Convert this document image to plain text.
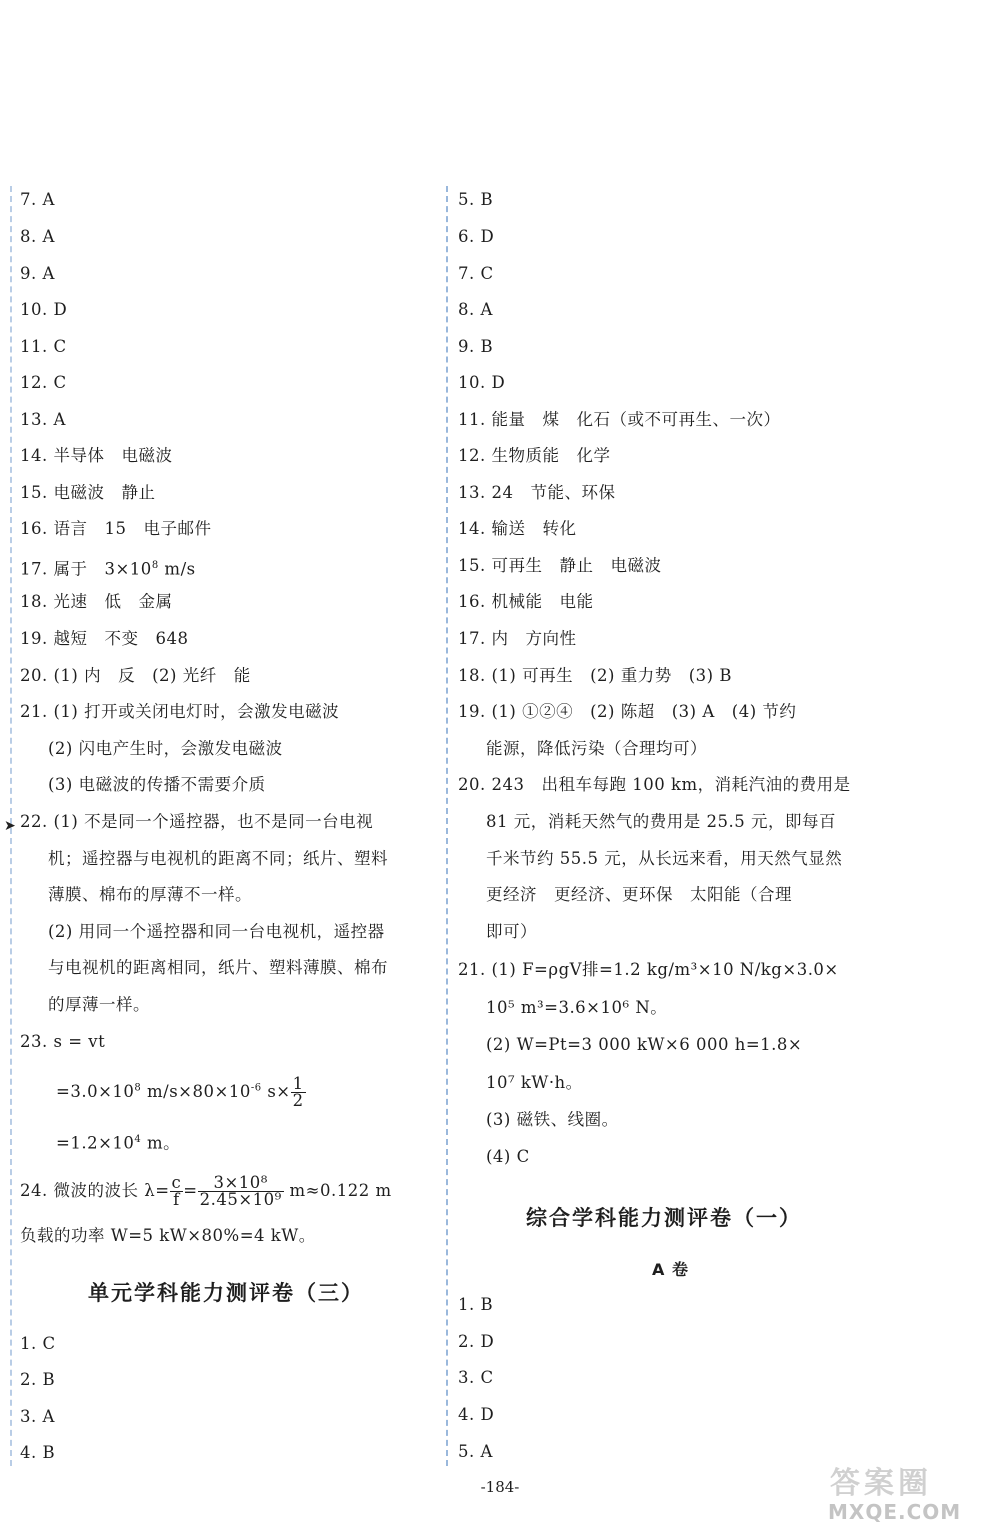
➤
7. A
8. A
9. A
10. D
11. C
12. C
13. A
14. 半导体　电磁波
15. 电磁波　静止
16. 语言　15　电子邮件
17. 属于　$3\times 10^8$ m/s
18. 光速　低　金属
19. 越短　不变　648
20. (1) 内　反　(2) 光纤　能
21. (1) 打开或关闭电灯时，会激发电磁波
(2) 闪电产生时，会激发电磁波
(3) 电磁波的传播不需要介质
22. (1) 不是同一个遥控器，也不是同一台电视
机；遥控器与电视机的距离不同；纸片、塑料
薄膜、棉布的厚薄不一样。
(2) 用同一个遥控器和同一台电视机，遥控器
与电视机的距离相同，纸片、塑料薄膜、棉布
的厚薄一样。
23. s = vt
$=3.0\times 10^8$ $m/s\times 80\times 10^{-6}$ $s\times \frac{1}{2}$
$=1.2\times 10^4$ m。
24. 微波的波长 $\lambda= \frac{c}{f} = \frac{\text{3×10⁸}}{\text{2.45×10⁹}} m\approx 0.122$ m
负载的功率 W=5 kW×80%=4 kW。
单元学科能力测评卷（三）
1. C
2. B
3. A
4. B
5. B
6. D
7. C
8. A
9. B
10. D
11. 能量　煤　化石（或不可再生、一次）
12. 生物质能　化学
13. 24　节能、环保
14. 输送　转化
15. 可再生　静止　电磁波
16. 机械能　电能
17. 内　方向性
18. (1) 可再生　(2) 重力势　(3) B
19. (1) ①②④　(2) 陈超　(3) A　(4) 节约
能源，降低污染（合理均可）
20. 243　出租车每跑 100 km，消耗汽油的费用是
81 元，消耗天然气的费用是 25.5 元，即每百
千米节约 55.5 元，从长远来看，用天然气显然
更经济　更经济、更环保　太阳能（合理
即可）
21. (1) F=ρgV排=1.2 kg/m³×10 N/kg×3.0×
10⁵ m³=3.6×10⁶ N。
(2) W=Pt=3 000 kW×6 000 h=1.8×
10⁷ kW·h。
(3) 磁铁、线圈。
(4) C
综合学科能力测评卷（一）
A 卷
1. B
2. D
3. C
4. D
5. A
-184-	答案圈
MXQE.COM
